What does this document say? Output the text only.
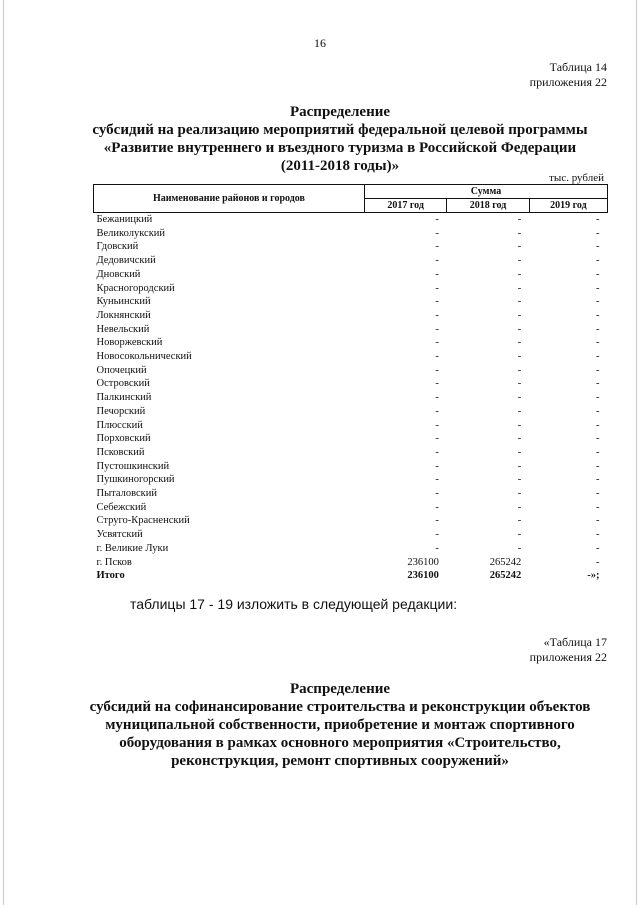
16
Таблица 14
приложения 22
Распределение
субсидий на реализацию мероприятий федеральной целевой программы
«Развитие внутреннего и въездного туризма в Российской Федерации
(2011-2018 годы)»
тыс. рублей
Наименование районов и городов	Сумма		
	2017 год	2018 год	2019 год
Бежаницкий	-	-	-
Великолукский	-	-	-
Гдовский	-	-	-
Дедовичский	-	-	-
Дновский	-	-	-
Красногородский	-	-	-
Куньинский	-	-	-
Локнянский	-	-	-
Невельский	-	-	-
Новоржевский	-	-	-
Новосокольнический	-	-	-
Опочецкий	-	-	-
Островский	-	-	-
Палкинский	-	-	-
Печорский	-	-	-
Плюсский	-	-	-
Порховский	-	-	-
Псковский	-	-	-
Пустошкинский	-	-	-
Пушкиногорский	-	-	-
Пыталовский	-	-	-
Себежский	-	-	-
Струго-Красненский	-	-	-
Усвятский	-	-	-
г. Великие Луки	-	-	-
г. Псков	236100	265242	-
Итого	236100	265242	-»;
таблицы 17 - 19 изложить в следующей редакции:
«Таблица 17
приложения 22
Распределение
субсидий на софинансирование строительства и реконструкции объектов
муниципальной собственности, приобретение и монтаж спортивного
оборудования в рамках основного мероприятия «Строительство,
реконструкция, ремонт спортивных сооружений»
